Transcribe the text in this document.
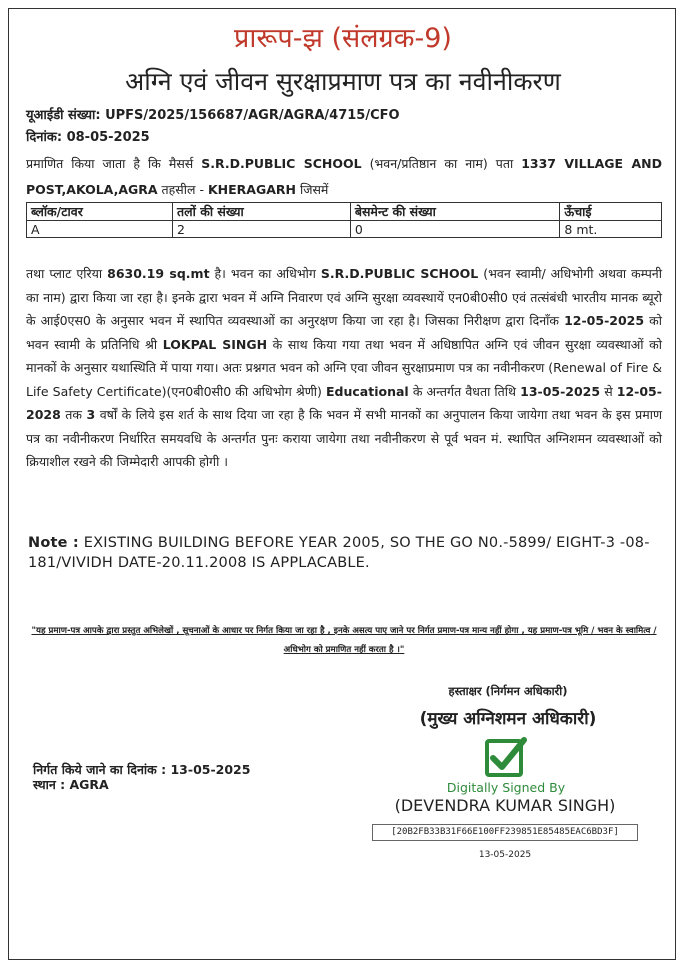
प्रारूप-झ (संलग्रक-9)
अग्नि एवं जीवन सुरक्षाप्रमाण पत्र का नवीनीकरण
यूआईडी संख्या: UPFS/2025/156687/AGR/AGRA/4715/CFO
दिनांक: 08-05-2025
प्रमाणित किया जाता है कि मैसर्स S.R.D.PUBLIC SCHOOL (भवन/प्रतिष्ठान का नाम) पता 1337 VILLAGE AND POST,AKOLA,AGRA तहसील - KHERAGARH जिसमें
ब्लॉक/टावर	तलों की संख्या	बेसमेन्ट की संख्या	ऊँचाई
A	2	0	8 mt.
तथा प्लाट एरिया 8630.19 sq.mt है। भवन का अधिभोग S.R.D.PUBLIC SCHOOL (भवन स्वामी/ अधिभोगी अथवा कम्पनी का नाम) द्वारा किया जा रहा है। इनके द्वारा भवन में अग्नि निवारण एवं अग्नि सुरक्षा व्यवस्थायें एन0बी0सी0 एवं तत्संबंधी भारतीय मानक ब्यूरो के आई0एस0 के अनुसार भवन में स्थापित व्यवस्थाओं का अनुरक्षण किया जा रहा है। जिसका निरीक्षण द्वारा दिनाँक 12-05-2025 को भवन स्वामी के प्रतिनिधि श्री LOKPAL SINGH के साथ किया गया तथा भवन में अधिष्ठापित अग्नि एवं जीवन सुरक्षा व्यवस्थाओं को मानकों के अनुसार यथास्थिति में पाया गया। अतः प्रश्नगत भवन को अग्नि एवा जीवन सुरक्षाप्रमाण पत्र का नवीनीकरण (Renewal of Fire & Life Safety Certificate)(एन0बी0सी0 की अधिभोग श्रेणी) Educational के अन्तर्गत वैधता तिथि 13-05-2025 से 12-05-2028 तक 3 वर्षों के लिये इस शर्त के साथ दिया जा रहा है कि भवन में सभी मानकों का अनुपालन किया जायेगा तथा भवन के इस प्रमाण पत्र का नवीनीकरण निर्धारित समयवधि के अन्तर्गत पुनः कराया जायेगा तथा नवीनीकरण से पूर्व भवन मं. स्थापित अग्निशमन व्यवस्थाओं को क्रियाशील रखने की जिम्मेदारी आपकी होगी ।
Note : EXISTING BUILDING BEFORE YEAR 2005, SO THE GO N0.-5899/ EIGHT-3 -08- 181/VIVIDH DATE-20.11.2008 IS APPLACABLE.
"यह प्रमाण-पत्र आपके द्वारा प्रस्तुत अभिलेखों , सूचनाओं के आधार पर निर्गत किया जा रहा है , इनके असत्य पाए जाने पर निर्गत प्रमाण-पत्र मान्य नहीं होगा , यह प्रमाण-पत्र भूमि / भवन के स्वामित्व / अधिभोग को प्रमाणित नहीं करता है ।"
हस्ताक्षर (निर्गमन अधिकारी)
(मुख्य अग्निशमन अधिकारी)
Digitally Signed By
(DEVENDRA KUMAR SINGH)
[20B2FB33B31F66E100FF239851E85485EAC6BD3F]
13-05-2025
निर्गत किये जाने का दिनांक : 13-05-2025
स्थान : AGRA
